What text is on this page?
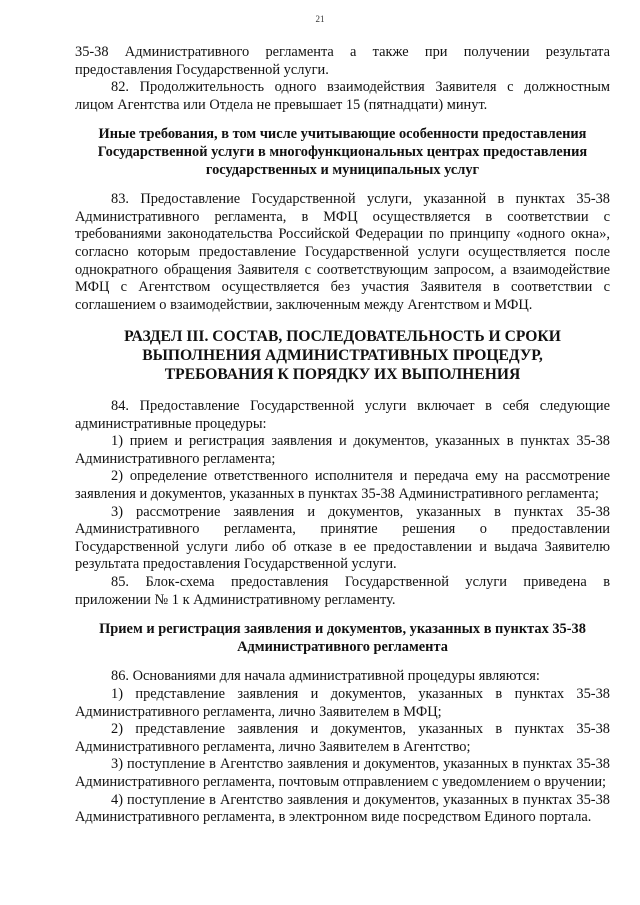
21

35-38 Административного регламента а также при получении результата предоставления Государственной услуги.

82. Продолжительность одного взаимодействия Заявителя с должностным лицом Агентства или Отдела не превышает 15 (пятнадцати) минут.

Иные требования, в том числе учитывающие особенности предоставления Государственной услуги в многофункциональных центрах предоставления государственных и муниципальных услуг

83. Предоставление Государственной услуги, указанной в пунктах 35-38 Административного регламента, в МФЦ осуществляется в соответствии с требованиями законодательства Российской Федерации по принципу «одного окна», согласно которым предоставление Государственной услуги осуществляется после однократного обращения Заявителя с соответствующим запросом, а взаимодействие МФЦ с Агентством осуществляется без участия Заявителя в соответствии с соглашением о взаимодействии, заключенным между Агентством и МФЦ.

РАЗДЕЛ III. СОСТАВ, ПОСЛЕДОВАТЕЛЬНОСТЬ И СРОКИ ВЫПОЛНЕНИЯ АДМИНИСТРАТИВНЫХ ПРОЦЕДУР, ТРЕБОВАНИЯ К ПОРЯДКУ ИХ ВЫПОЛНЕНИЯ

84. Предоставление Государственной услуги включает в себя следующие административные процедуры:

1) прием и регистрация заявления и документов, указанных в пунктах 35-38 Административного регламента;

2) определение ответственного исполнителя и передача ему на рассмотрение заявления и документов, указанных в пунктах 35-38 Административного регламента;

3) рассмотрение заявления и документов, указанных в пунктах 35-38 Административного регламента, принятие решения о предоставлении Государственной услуги либо об отказе в ее предоставлении и выдача Заявителю результата предоставления Государственной услуги.

85. Блок-схема предоставления Государственной услуги приведена в приложении № 1 к Административному регламенту.

Прием и регистрация заявления и документов, указанных в пунктах 35-38 Административного регламента

86. Основаниями для начала административной процедуры являются:

1) представление заявления и документов, указанных в пунктах 35-38 Административного регламента, лично Заявителем в МФЦ;

2) представление заявления и документов, указанных в пунктах 35-38 Административного регламента, лично Заявителем в Агентство;

3) поступление в Агентство заявления и документов, указанных в пунктах 35-38 Административного регламента, почтовым отправлением с уведомлением о вручении;

4) поступление в Агентство заявления и документов, указанных в пунктах 35-38 Административного регламента, в электронном виде посредством Единого портала.
